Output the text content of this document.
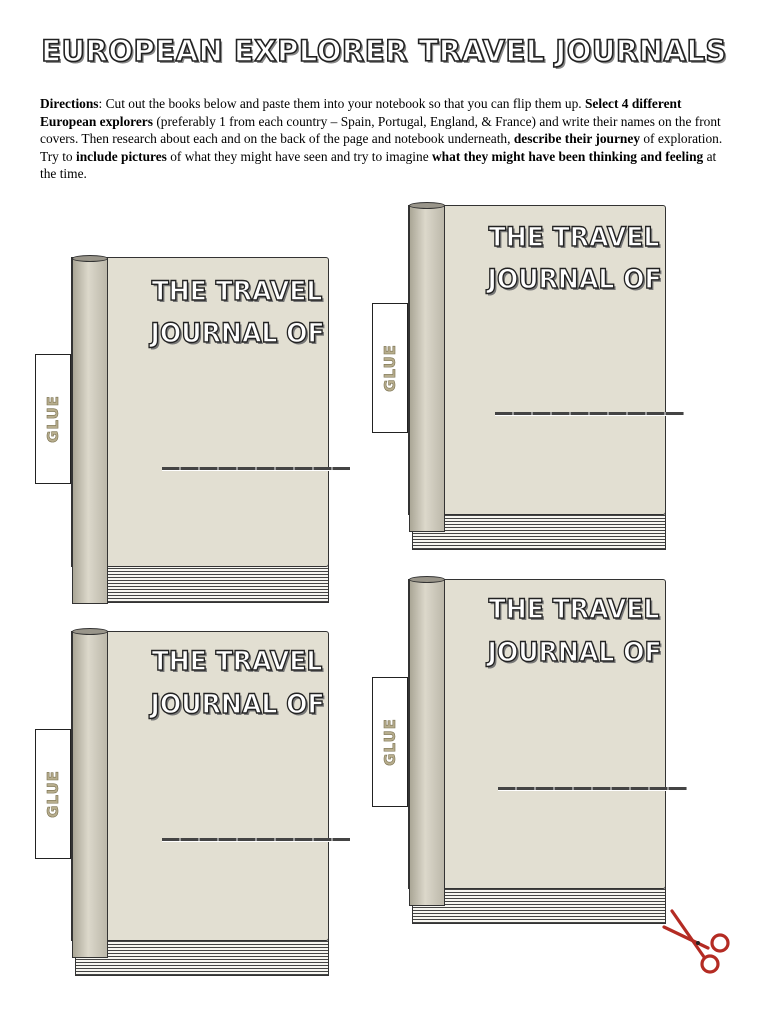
EUROPEAN EXPLORER TRAVEL JOURNALS
Directions: Cut out the books below and paste them into your notebook so that you can flip them up. Select 4 different European explorers (preferably 1 from each country – Spain, Portugal, England, & France) and write their names on the front covers. Then research about each and on the back of the page and notebook underneath, describe their journey of exploration. Try to include pictures of what they might have seen and try to imagine what they might have been thinking and feeling at the time.
GLUE
THE TRAVEL
JOURNAL OF
GLUE
THE TRAVEL
JOURNAL OF
GLUE
THE TRAVEL
JOURNAL OF
GLUE
THE TRAVEL
JOURNAL OF
